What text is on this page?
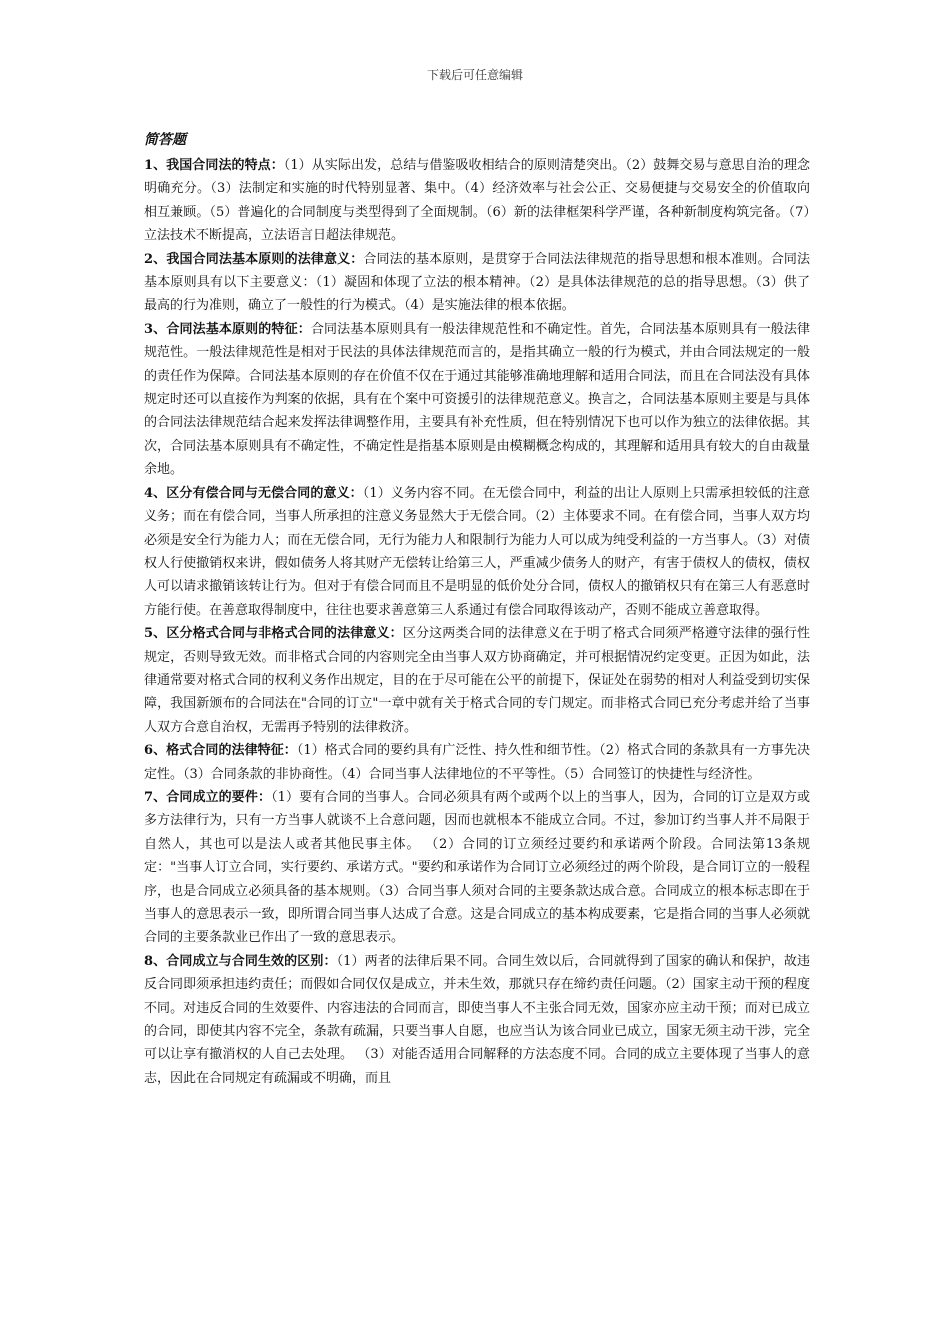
下载后可任意编辑
简答题

1、我国合同法的特点：（1）从实际出发，总结与借鉴吸收相结合的原则清楚突出。（2）鼓舞交易与意思自治的理念明确充分。（3）法制定和实施的时代特别显著、集中。（4）经济效率与社会公正、交易便捷与交易安全的价值取向相互兼顾。（5）普遍化的合同制度与类型得到了全面规制。（6）新的法律框架科学严谨，各种新制度构筑完备。（7）立法技术不断提高，立法语言日超法律规范。

2、我国合同法基本原则的法律意义：合同法的基本原则，是贯穿于合同法法律规范的指导思想和根本准则。合同法基本原则具有以下主要意义：（1）凝固和体现了立法的根本精神。（2）是具体法律规范的总的指导思想。（3）供了最高的行为准则，确立了一般性的行为模式。（4）是实施法律的根本依据。

3、合同法基本原则的特征：合同法基本原则具有一般法律规范性和不确定性。首先，合同法基本原则具有一般法律规范性。一般法律规范性是相对于民法的具体法律规范而言的，是指其确立一般的行为模式，并由合同法规定的一般的责任作为保障。合同法基本原则的存在价值不仅在于通过其能够准确地理解和适用合同法，而且在合同法没有具体规定时还可以直接作为判案的依据，具有在个案中可资援引的法律规范意义。换言之，合同法基本原则主要是与具体的合同法法律规范结合起来发挥法律调整作用，主要具有补充性质，但在特别情况下也可以作为独立的法律依据。其次，合同法基本原则具有不确定性，不确定性是指基本原则是由模糊概念构成的，其理解和适用具有较大的自由裁量余地。

4、区分有偿合同与无偿合同的意义：（1）义务内容不同。在无偿合同中，利益的出让人原则上只需承担较低的注意义务；而在有偿合同，当事人所承担的注意义务显然大于无偿合同。（2）主体要求不同。在有偿合同，当事人双方均必须是安全行为能力人；而在无偿合同，无行为能力人和限制行为能力人可以成为纯受利益的一方当事人。（3）对债权人行使撤销权来讲，假如债务人将其财产无偿转让给第三人，严重减少债务人的财产，有害于债权人的债权，债权人可以请求撤销该转让行为。但对于有偿合同而且不是明显的低价处分合同，债权人的撤销权只有在第三人有恶意时方能行使。在善意取得制度中，往往也要求善意第三人系通过有偿合同取得该动产，否则不能成立善意取得。

5、区分格式合同与非格式合同的法律意义：区分这两类合同的法律意义在于明了格式合同须严格遵守法律的强行性规定，否则导致无效。而非格式合同的内容则完全由当事人双方协商确定，并可根据情况约定变更。正因为如此，法律通常要对格式合同的权利义务作出规定，目的在于尽可能在公平的前提下，保证处在弱势的相对人利益受到切实保障，我国新颁布的合同法在"合同的订立"一章中就有关于格式合同的专门规定。而非格式合同已充分考虑并给了当事人双方合意自治权，无需再予特别的法律救济。

6、格式合同的法律特征：（1）格式合同的要约具有广泛性、持久性和细节性。（2）格式合同的条款具有一方事先决定性。（3）合同条款的非协商性。（4）合同当事人法律地位的不平等性。（5）合同签订的快捷性与经济性。

7、合同成立的要件：（1）要有合同的当事人。合同必须具有两个或两个以上的当事人，因为，合同的订立是双方或多方法律行为，只有一方当事人就谈不上合意问题，因而也就根本不能成立合同。不过，参加订约当事人并不局限于自然人，其也可以是法人或者其他民事主体。 （2）合同的订立须经过要约和承诺两个阶段。合同法第13条规定："当事人订立合同，实行要约、承诺方式。"要约和承诺作为合同订立必须经过的两个阶段，是合同订立的一般程序，也是合同成立必须具备的基本规则。（3）合同当事人须对合同的主要条款达成合意。合同成立的根本标志即在于当事人的意思表示一致，即所谓合同当事人达成了合意。这是合同成立的基本构成要素，它是指合同的当事人必须就合同的主要条款业已作出了一致的意思表示。

8、合同成立与合同生效的区别：（1）两者的法律后果不同。合同生效以后，合同就得到了国家的确认和保护，故违反合同即须承担违约责任；而假如合同仅仅是成立，并未生效，那就只存在缔约责任问题。（2）国家主动干预的程度不同。对违反合同的生效要件、内容违法的合同而言，即使当事人不主张合同无效，国家亦应主动干预；而对已成立的合同，即使其内容不完全，条款有疏漏，只要当事人自愿，也应当认为该合同业已成立，国家无须主动干涉，完全可以让享有撤消权的人自己去处理。 （3）对能否适用合同解释的方法态度不同。合同的成立主要体现了当事人的意志，因此在合同规定有疏漏或不明确，而且
